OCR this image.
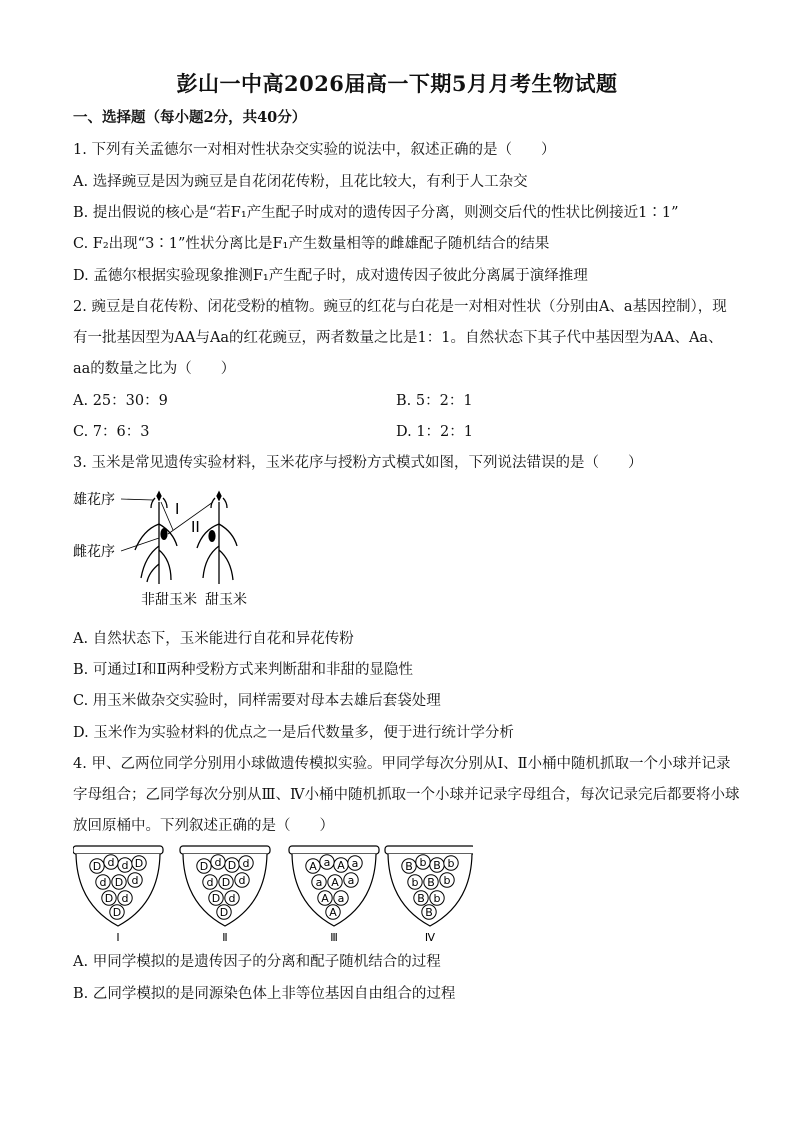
彭山一中高2026届高一下期5月月考生物试题
一、选择题（每小题2分，共40分）
1. 下列有关孟德尔一对相对性状杂交实验的说法中，叙述正确的是（　　）
A. 选择豌豆是因为豌豆是自花闭花传粉，且花比较大，有利于人工杂交
B. 提出假说的核心是“若F₁产生配子时成对的遗传因子分离，则测交后代的性状比例接近1∶1”
C. F₂出现“3∶1”性状分离比是F₁产生数量相等的雌雄配子随机结合的结果
D. 孟德尔根据实验现象推测F₁产生配子时，成对遗传因子彼此分离属于演绎推理
2. 豌豆是自花传粉、闭花受粉的植物。豌豆的红花与白花是一对相对性状（分别由A、a基因控制），现
有一批基因型为AA与Aa的红花豌豆，两者数量之比是1：1。自然状态下其子代中基因型为AA、Aa、
aa的数量之比为（　　）
A. 25：30：9	B. 5：2：1
C. 7：6：3	D. 1：2：1
3. 玉米是常见遗传实验材料，玉米花序与授粉方式模式如图，下列说法错误的是（　　）
雄花序
雌花序
非甜玉米 甜玉米
I
II
A. 自然状态下，玉米能进行自花和异花传粉
B. 可通过Ⅰ和Ⅱ两种受粉方式来判断甜和非甜的显隐性
C. 用玉米做杂交实验时，同样需要对母本去雄后套袋处理
D. 玉米作为实验材料的优点之一是后代数量多，便于进行统计学分析
4. 甲、乙两位同学分别用小球做遗传模拟实验。甲同学每次分别从Ⅰ、Ⅱ小桶中随机抓取一个小球并记录
字母组合；乙同学每次分别从Ⅲ、Ⅳ小桶中随机抓取一个小球并记录字母组合，每次记录完后都要将小球
放回原桶中。下列叙述正确的是（　　）
D d d D
d D d
D d
D
Ⅰ
D d D d
d D d
D d
D
Ⅱ
A a A a
a A a
A a
A
Ⅲ
B b B b
b B b
B b
B
Ⅳ
A. 甲同学模拟的是遗传因子的分离和配子随机结合的过程
B. 乙同学模拟的是同源染色体上非等位基因自由组合的过程
